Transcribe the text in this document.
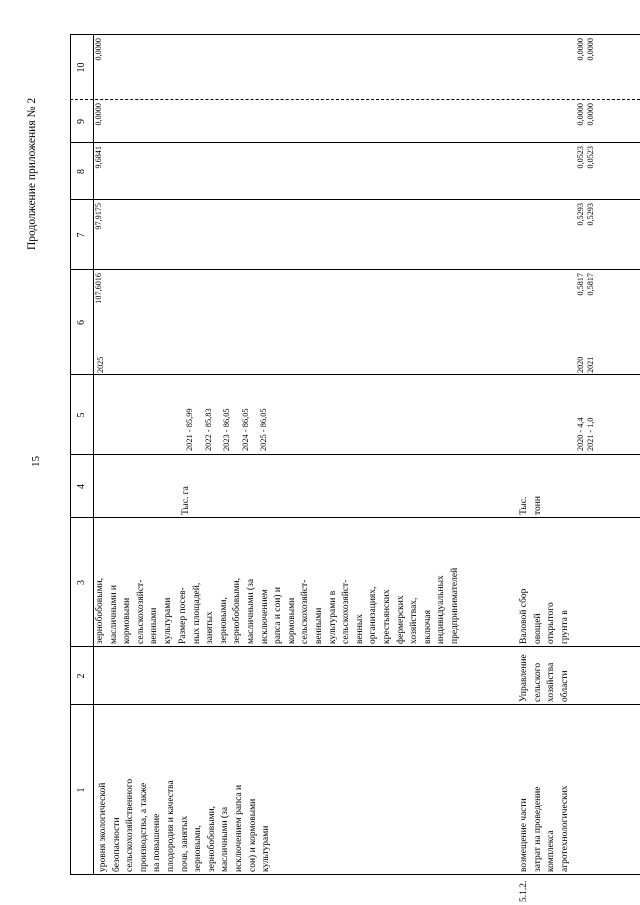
15
Продолжение приложения № 2
1
2
3
4
5
6
7
8
9
10
уровня экологической
безопасности
сельскохозяйственного
производства, а также
на повышение
плодородия и качества
почв, занятых
зерновыми,
зернобобовыми,
масличными (за
исключением рапса и
сои) и кормовыми
культурами
зернобобовыми,
масличными и
кормовыми
сельскохозяйст-
венными
культурами Размер посев-
ных площадей,
занятых
зерновыми,
зернобобовыми,
масличными (за
исключением
рапса и сои) и
кормовыми
сельскохозяйст-
венными
культурами в
сельскохозяйст-
венных
организациях,
крестьянских
фермерских
хозяйствах,
включая
индивидуальных
предпринимателей
Тыс. га
2021 - 85,99
2022 - 85,83
2023 - 86,05
2024 - 86,05
2025 - 86,05
2025
107,6016
97,9175
9,6841
0,0000
0,0000
5.1.2.
возмещение части
затрат на проведение
комплекса
агротехнологических
Управление
сельского
хозяйства
области
Валовой сбор
овощей
открытого
грунта в
Тыс.
тонн
2020 - 4,4
2021 - 1,0
2020
2021
0,5817
0,5817
0,5293
0,5293
0,0523
0,0523
0,0000
0,0000
0,0000
0,0000
